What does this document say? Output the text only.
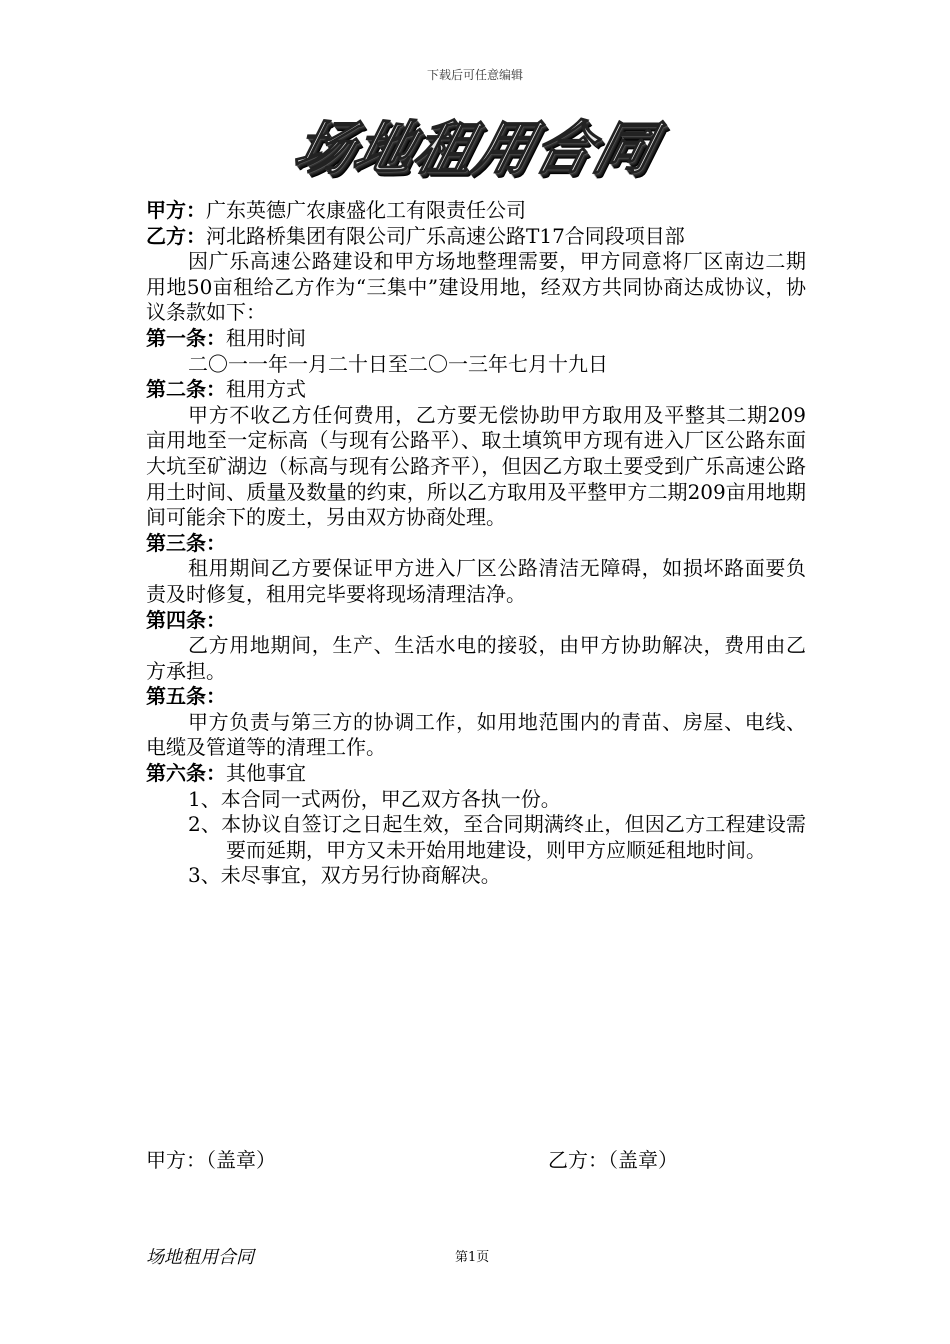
下载后可任意编辑
场地租用合同
甲方：广东英德广农康盛化工有限责任公司
乙方：河北路桥集团有限公司广乐高速公路T17合同段项目部
因广乐高速公路建设和甲方场地整理需要，甲方同意将厂区南边二期用地50亩租给乙方作为“三集中”建设用地，经双方共同协商达成协议，协议条款如下：
第一条：租用时间
二〇一一年一月二十日至二〇一三年七月十九日
第二条：租用方式
甲方不收乙方任何费用，乙方要无偿协助甲方取用及平整其二期209亩用地至一定标高（与现有公路平）、取土填筑甲方现有进入厂区公路东面大坑至矿湖边（标高与现有公路齐平），但因乙方取土要受到广乐高速公路用土时间、质量及数量的约束，所以乙方取用及平整甲方二期209亩用地期间可能余下的废土，另由双方协商处理。
第三条：
租用期间乙方要保证甲方进入厂区公路清洁无障碍，如损坏路面要负责及时修复，租用完毕要将现场清理洁净。
第四条：
乙方用地期间，生产、生活水电的接驳，由甲方协助解决，费用由乙方承担。
第五条：
甲方负责与第三方的协调工作，如用地范围内的青苗、房屋、电线、电缆及管道等的清理工作。
第六条：其他事宜
1、本合同一式两份，甲乙双方各执一份。
2、本协议自签订之日起生效，至合同期满终止，但因乙方工程建设需要而延期，甲方又未开始用地建设，则甲方应顺延租地时间。
3、未尽事宜，双方另行协商解决。
甲方：（盖章）	乙方：（盖章）
场地租用合同	第1页
